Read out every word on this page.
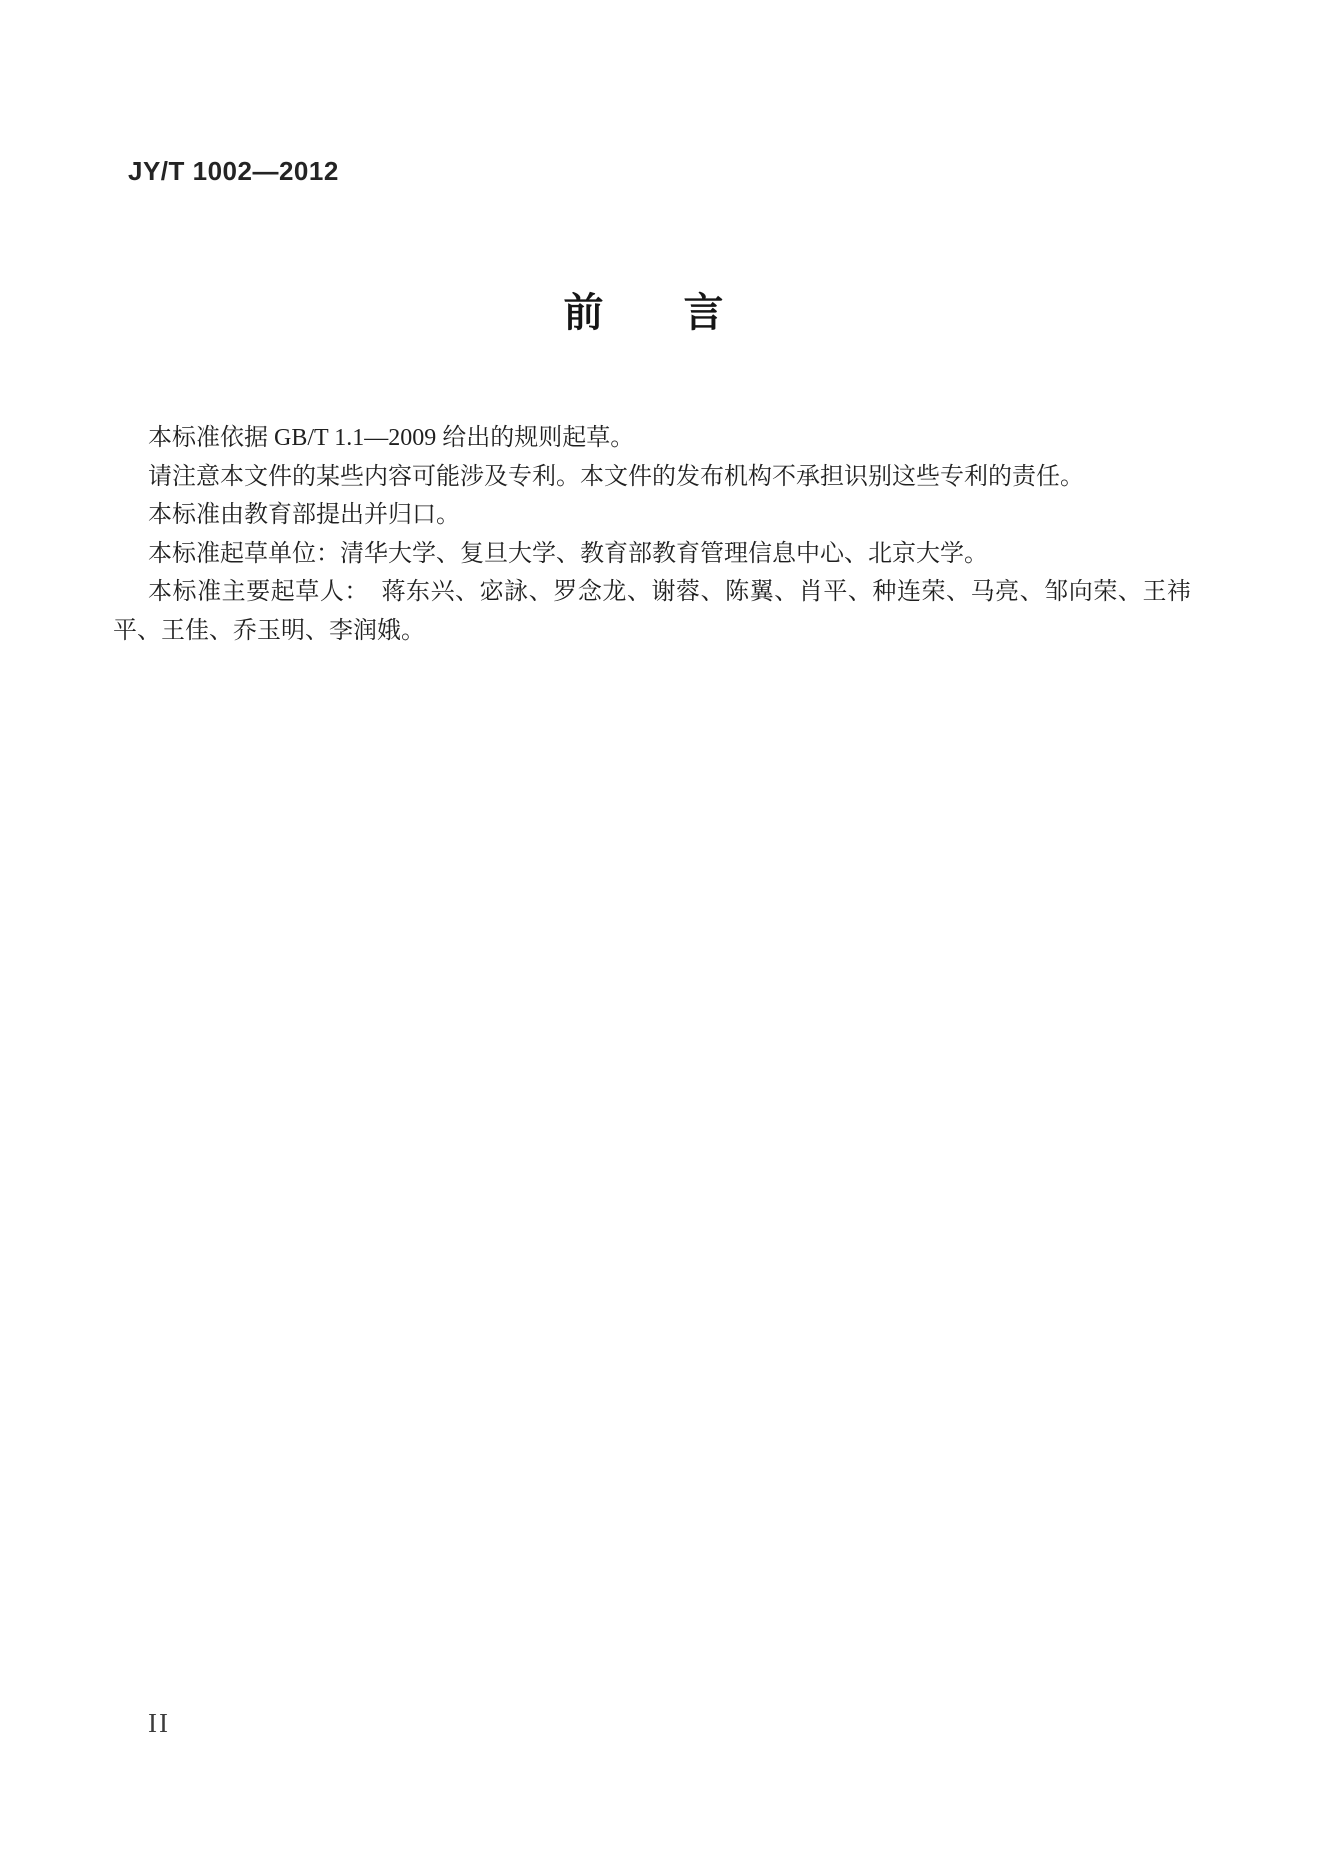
JY/T 1002—2012
前　　言

本标准依据 GB/T 1.1—2009 给出的规则起草。

请注意本文件的某些内容可能涉及专利。本文件的发布机构不承担识别这些专利的责任。

本标准由教育部提出并归口。

本标准起草单位：清华大学、复旦大学、教育部教育管理信息中心、北京大学。

本标准主要起草人：　蒋东兴、宓詠、罗念龙、谢蓉、陈翼、肖平、种连荣、马亮、邹向荣、王祎

平、王佳、乔玉明、李润娥。

II
